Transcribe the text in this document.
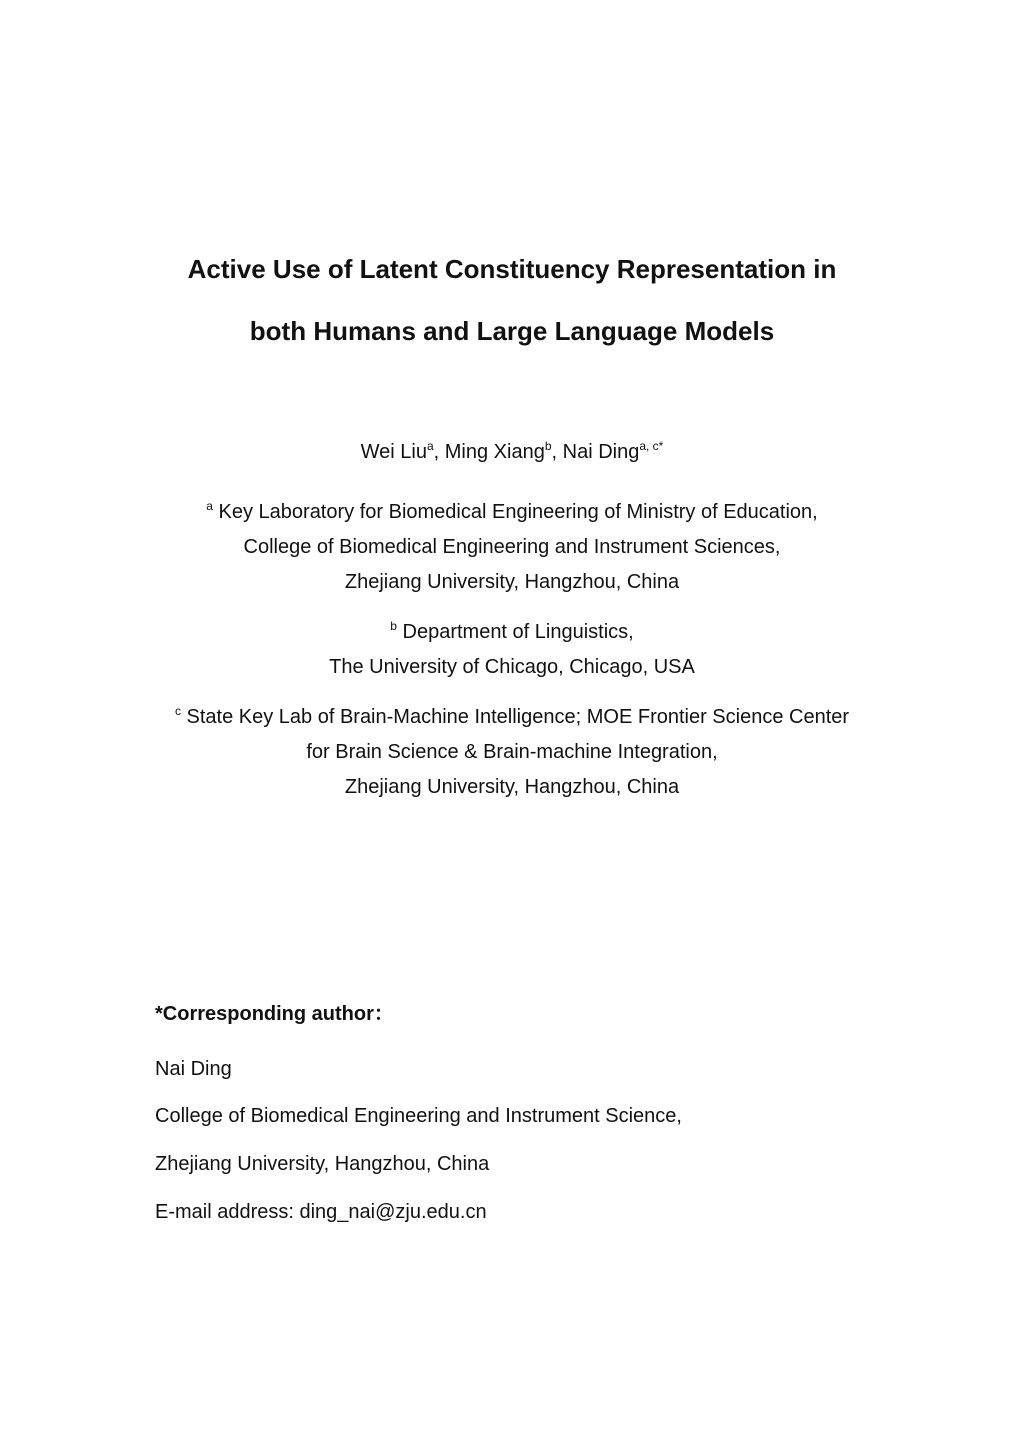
Active Use of Latent Constituency Representation in
both Humans and Large Language Models
Wei Liu$^a$, Ming Xiang$^b$, Nai Ding$^{a, c*}$
$^a$ Key Laboratory for Biomedical Engineering of Ministry of Education,
College of Biomedical Engineering and Instrument Sciences,
Zhejiang University, Hangzhou, China
$^b$ Department of Linguistics,
The University of Chicago, Chicago, USA
$^c$ State Key Lab of Brain-Machine Intelligence; MOE Frontier Science Center
for Brain Science & Brain-machine Integration,
Zhejiang University, Hangzhou, China
*Corresponding author：
Nai Ding
College of Biomedical Engineering and Instrument Science,
Zhejiang University, Hangzhou, China
E-mail address: ding_nai@zju.edu.cn
